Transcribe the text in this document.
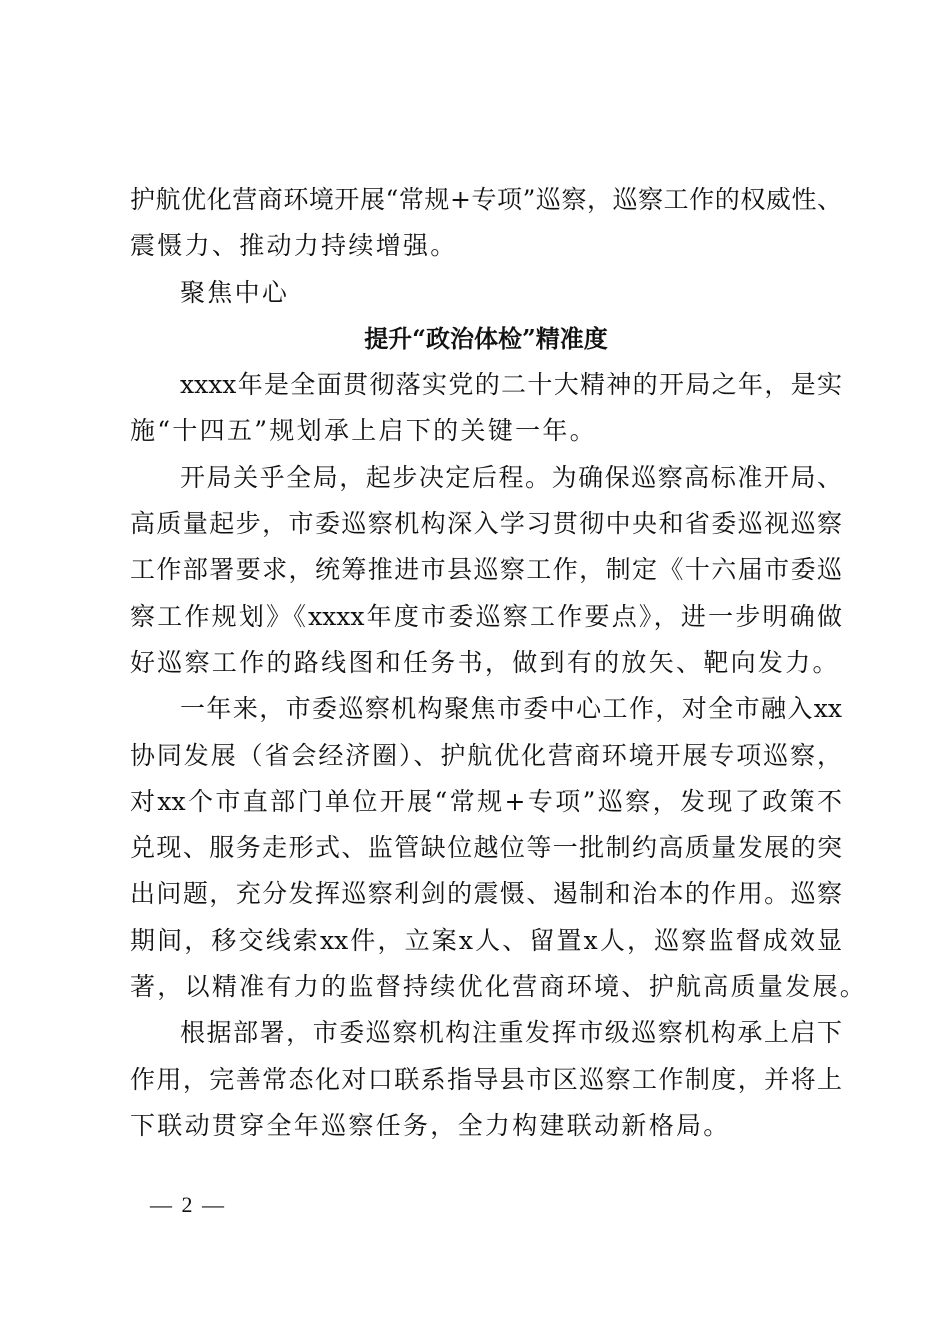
护航优化营商环境开展“常规+专项”巡察，巡察工作的权威性、
震慑力、推动力持续增强。
聚焦中心
提升“政治体检”精准度
xxxx年是全面贯彻落实党的二十大精神的开局之年，是实
施“十四五”规划承上启下的关键一年。
开局关乎全局，起步决定后程。为确保巡察高标准开局、
高质量起步，市委巡察机构深入学习贯彻中央和省委巡视巡察
工作部署要求，统筹推进市县巡察工作，制定《十六届市委巡
察工作规划》《xxxx年度市委巡察工作要点》，进一步明确做
好巡察工作的路线图和任务书，做到有的放矢、靶向发力。
一年来，市委巡察机构聚焦市委中心工作，对全市融入xx
协同发展（省会经济圈）、护航优化营商环境开展专项巡察，
对xx个市直部门单位开展“常规+专项”巡察，发现了政策不
兑现、服务走形式、监管缺位越位等一批制约高质量发展的突
出问题，充分发挥巡察利剑的震慑、遏制和治本的作用。巡察
期间，移交线索xx件，立案x人、留置x人，巡察监督成效显
著，以精准有力的监督持续优化营商环境、护航高质量发展。
根据部署，市委巡察机构注重发挥市级巡察机构承上启下
作用，完善常态化对口联系指导县市区巡察工作制度，并将上
下联动贯穿全年巡察任务，全力构建联动新格局。
— 2 —
